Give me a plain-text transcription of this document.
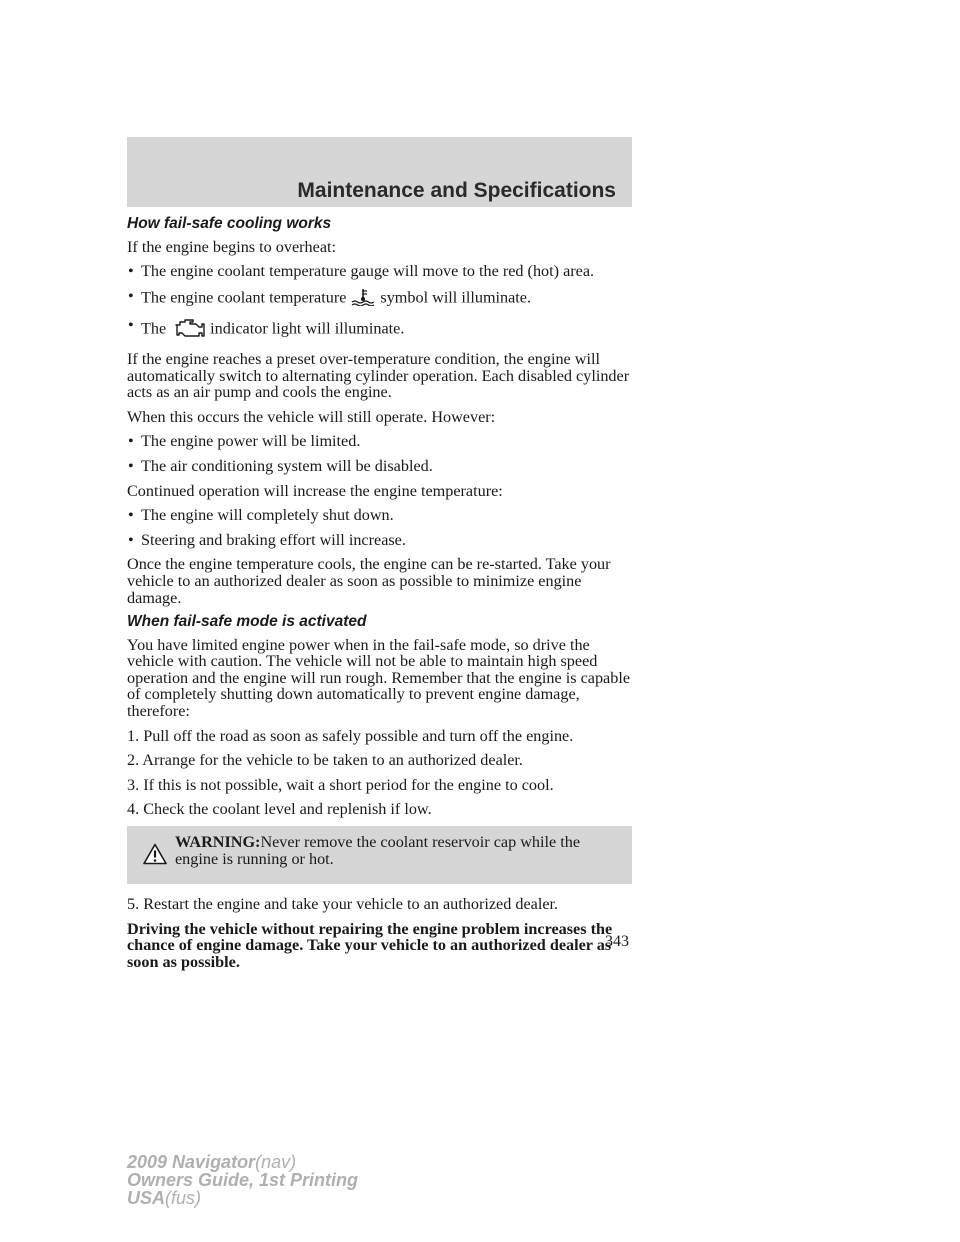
Maintenance and Specifications
How fail-safe cooling works

If the engine begins to overheat:

• The engine coolant temperature gauge will move to the red (hot) area.
• The engine coolant temperature symbol will illuminate.
• The	indicator light will illuminate.

If the engine reaches a preset over-temperature condition, the engine will automatically switch to alternating cylinder operation. Each disabled cylinder acts as an air pump and cools the engine.

When this occurs the vehicle will still operate. However:

• The engine power will be limited.
• The air conditioning system will be disabled.

Continued operation will increase the engine temperature:

• The engine will completely shut down.
• Steering and braking effort will increase.

Once the engine temperature cools, the engine can be re-started. Take your vehicle to an authorized dealer as soon as possible to minimize engine damage.

When fail-safe mode is activated

You have limited engine power when in the fail-safe mode, so drive the vehicle with caution. The vehicle will not be able to maintain high speed operation and the engine will run rough. Remember that the engine is capable of completely shutting down automatically to prevent engine damage, therefore:

1. Pull off the road as soon as safely possible and turn off the engine.

2. Arrange for the vehicle to be taken to an authorized dealer.

3. If this is not possible, wait a short period for the engine to cool.

4. Check the coolant level and replenish if low.

WARNING:Never remove the coolant reservoir cap while the engine is running or hot.

5. Restart the engine and take your vehicle to an authorized dealer.

Driving the vehicle without repairing the engine problem increases the chance of engine damage. Take your vehicle to an authorized dealer as soon as possible.

343
2009 Navigator(nav)
Owners Guide, 1st Printing
USA(fus)
